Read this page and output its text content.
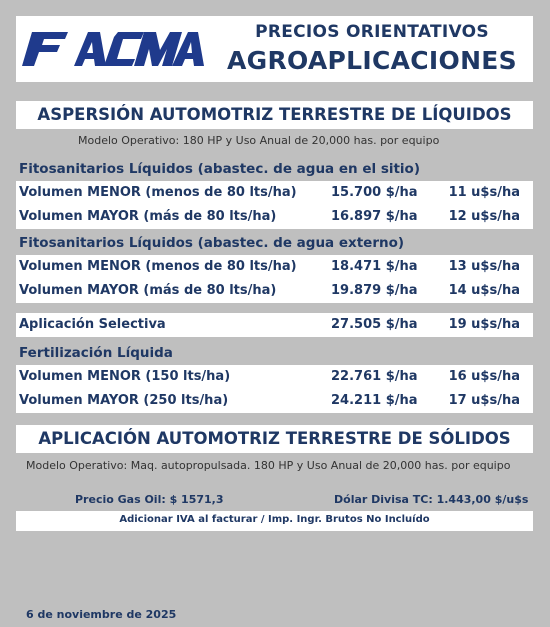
PRECIOS ORIENTATIVOS
AGROAPLICACIONES
ASPERSIÓN AUTOMOTRIZ TERRESTRE DE LÍQUIDOS
Modelo Operativo: 180 HP y Uso Anual de 20,000 has. por equipo
Fitosanitarios Líquidos (abastec. de agua en el sitio)
Volumen MENOR (menos de 80 lts/ha)	15.700 $/ha 11 u$s/ha
Volumen MAYOR (más de 80 lts/ha)	16.897 $/ha 12 u$s/ha
Fitosanitarios Líquidos (abastec. de agua externo)
Volumen MENOR (menos de 80 lts/ha)	18.471 $/ha 13 u$s/ha
Volumen MAYOR (más de 80 lts/ha)	19.879 $/ha 14 u$s/ha
Aplicación Selectiva	27.505 $/ha 19 u$s/ha
Fertilización Líquida
Volumen MENOR (150 lts/ha)	22.761 $/ha 16 u$s/ha
Volumen MAYOR (250 lts/ha)	24.211 $/ha 17 u$s/ha
APLICACIÓN AUTOMOTRIZ TERRESTRE DE SÓLIDOS
Modelo Operativo: Maq. autopropulsada. 180 HP y Uso Anual de 20,000 has. por equipo
Precio Gas Oil: $ 1571,3	Dólar Divisa TC: 1.443,00 $/u$s
Adicionar IVA al facturar / Imp. Ingr. Brutos No Incluído
6 de noviembre de 2025
